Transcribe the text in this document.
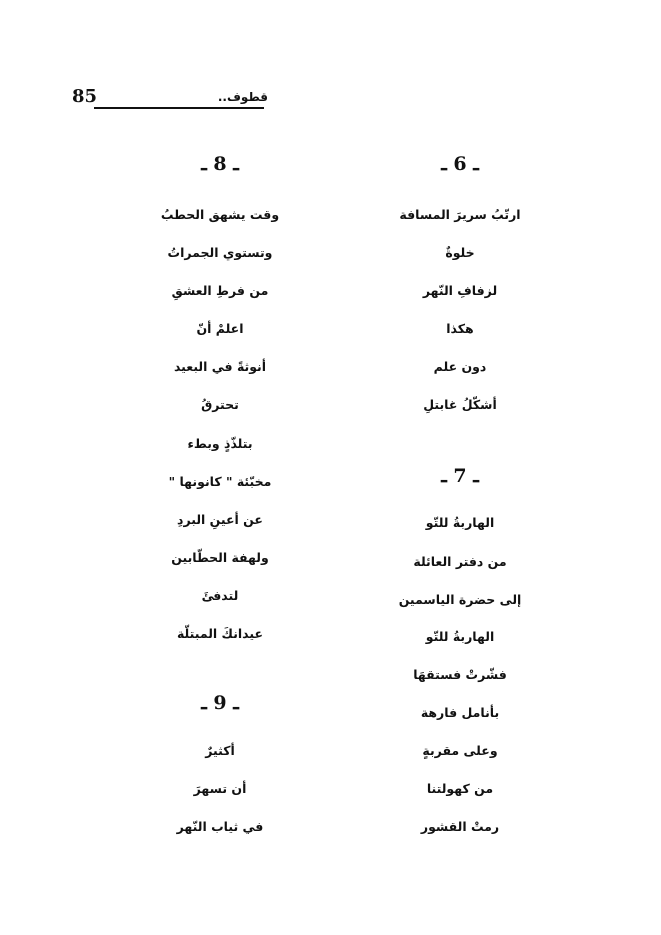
85	قطوف..
ـ 6 ـ
ارتّبُ سريرَ المسافة
خلوةٌ
لزفافِ النّهر
هكذا
دون علم
أشكّلُ غابتلِ
ـ 7 ـ
الهاربةُ للتّو
من دفتر العائلة
إلى حضرة الياسمين
الهاربةُ للتّو
فشّرتْ فستقهَا
بأنامل فارهة
وعلى مقربةٍ
من كهولتنا
رمتْ القشور
ـ 8 ـ
وقت يشهق الحطبُ
وتستوي الجمراتُ
من فرطِ العشقِ
اعلمْ أنّ
أنوثةً في البعيد
تحترقُ
بتلذّذٍ وبطء
مخبّئة " كانونها "
عن أعينِ البردِ
ولهفة الحطّابين
لتدفئَ
عيدانكَ المبتلّة
ـ 9 ـ
أكثيرٌ
أن تسهرَ
في ثياب النّهر
